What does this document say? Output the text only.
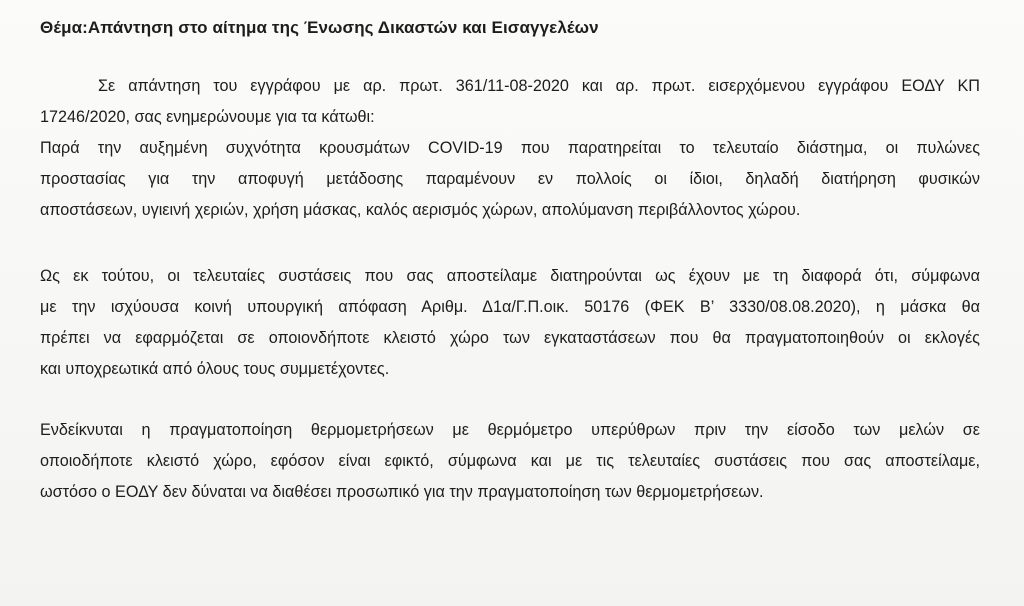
Θέμα:Απάντηση στο αίτημα της Ένωσης Δικαστών και Εισαγγελέων
Σε απάντηση του εγγράφου με αρ. πρωτ. 361/11-08-2020 και αρ. πρωτ. εισερχόμενου εγγράφου ΕΟΔΥ ΚΠ
17246/2020, σας ενημερώνουμε για τα κάτωθι:
Παρά την αυξημένη συχνότητα κρουσμάτων COVID-19 που παρατηρείται το τελευταίο διάστημα, οι πυλώνες
προστασίας για την αποφυγή μετάδοσης παραμένουν εν πολλοίς οι ίδιοι, δηλαδή διατήρηση φυσικών
αποστάσεων, υγιεινή χεριών, χρήση μάσκας, καλός αερισμός χώρων, απολύμανση περιβάλλοντος χώρου.
Ως εκ τούτου, οι τελευταίες συστάσεις που σας αποστείλαμε διατηρούνται ως έχουν με τη διαφορά ότι, σύμφωνα
με την ισχύουσα κοινή υπουργική απόφαση Αριθμ. Δ1α/Γ.Π.οικ. 50176 (ΦΕΚ Β’ 3330/08.08.2020), η μάσκα θα
πρέπει να εφαρμόζεται σε οποιονδήποτε κλειστό χώρο των εγκαταστάσεων που θα πραγματοποιηθούν οι εκλογές
και υποχρεωτικά από όλους τους συμμετέχοντες.
Ενδείκνυται η πραγματοποίηση θερμομετρήσεων με θερμόμετρο υπερύθρων πριν την είσοδο των μελών σε
οποιοδήποτε κλειστό χώρο, εφόσον είναι εφικτό, σύμφωνα και με τις τελευταίες συστάσεις που σας αποστείλαμε,
ωστόσο ο ΕΟΔΥ δεν δύναται να διαθέσει προσωπικό για την πραγματοποίηση των θερμομετρήσεων.
